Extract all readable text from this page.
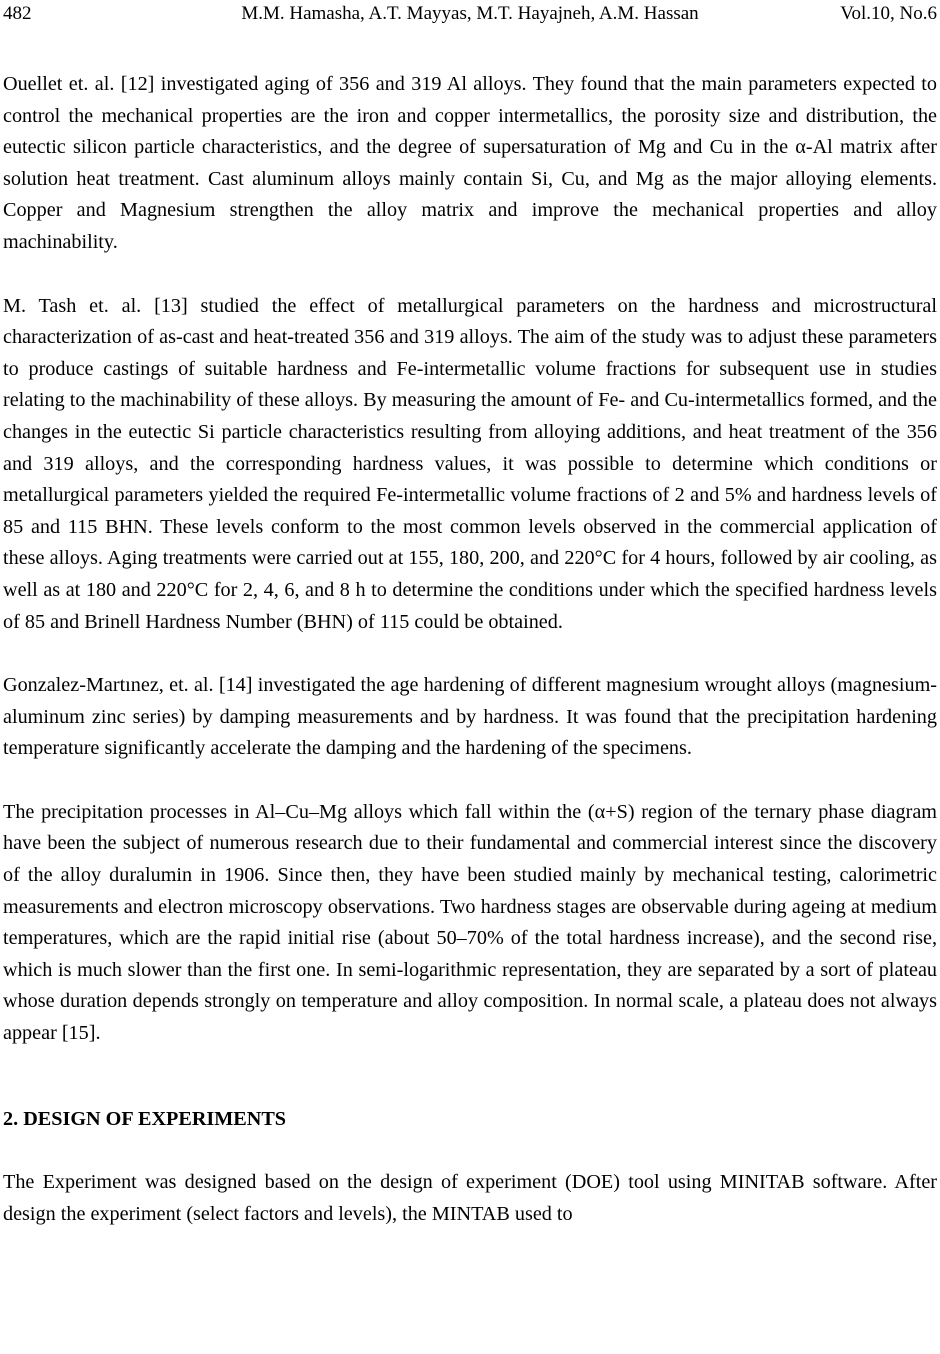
482	M.M. Hamasha, A.T. Mayyas, M.T. Hayajneh, A.M. Hassan	Vol.10, No.6

Ouellet et. al. [12] investigated aging of 356 and 319 Al alloys. They found that the main parameters expected to control the mechanical properties are the iron and copper intermetallics, the porosity size and distribution, the eutectic silicon particle characteristics, and the degree of supersaturation of Mg and Cu in the α-Al matrix after solution heat treatment. Cast aluminum alloys mainly contain Si, Cu, and Mg as the major alloying elements. Copper and Magnesium strengthen the alloy matrix and improve the mechanical properties and alloy machinability.

M. Tash et. al. [13] studied the effect of metallurgical parameters on the hardness and microstructural characterization of as-cast and heat-treated 356 and 319 alloys. The aim of the study was to adjust these parameters to produce castings of suitable hardness and Fe-intermetallic volume fractions for subsequent use in studies relating to the machinability of these alloys. By measuring the amount of Fe- and Cu-intermetallics formed, and the changes in the eutectic Si particle characteristics resulting from alloying additions, and heat treatment of the 356 and 319 alloys, and the corresponding hardness values, it was possible to determine which conditions or metallurgical parameters yielded the required Fe-intermetallic volume fractions of 2 and 5% and hardness levels of 85 and 115 BHN. These levels conform to the most common levels observed in the commercial application of these alloys. Aging treatments were carried out at 155, 180, 200, and 220°C for 4 hours, followed by air cooling, as well as at 180 and 220°C for 2, 4, 6, and 8 h to determine the conditions under which the specified hardness levels of 85 and Brinell Hardness Number (BHN) of 115 could be obtained.

Gonzalez-Martınez, et. al. [14] investigated the age hardening of different magnesium wrought alloys (magnesium- aluminum zinc series) by damping measurements and by hardness. It was found that the precipitation hardening temperature significantly accelerate the damping and the hardening of the specimens.

The precipitation processes in Al–Cu–Mg alloys which fall within the (α+S) region of the ternary phase diagram have been the subject of numerous research due to their fundamental and commercial interest since the discovery of the alloy duralumin in 1906. Since then, they have been studied mainly by mechanical testing, calorimetric measurements and electron microscopy observations. Two hardness stages are observable during ageing at medium temperatures, which are the rapid initial rise (about 50–70% of the total hardness increase), and the second rise, which is much slower than the first one. In semi-logarithmic representation, they are separated by a sort of plateau whose duration depends strongly on temperature and alloy composition. In normal scale, a plateau does not always appear [15].

2. DESIGN OF EXPERIMENTS

The Experiment was designed based on the design of experiment (DOE) tool using MINITAB software. After design the experiment (select factors and levels), the MINTAB used to
